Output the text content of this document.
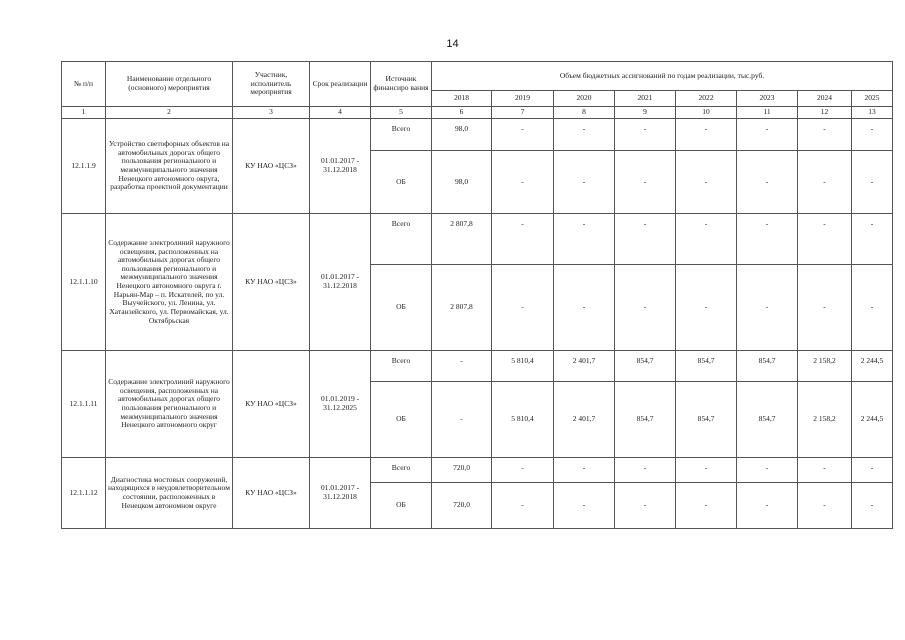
14
№ п/п	Наименование отдельного (основного) мероприятия	Участник, исполнитель мероприятия	Срок реализации	Источник финансиро вания	Объем бюджетных ассигнований по годам реализации, тыс.руб.							
					2018	2019	2020	2021	2022	2023	2024	2025
1	2	3	4	5	6	7	8	9	10	11	12	13
12.1.1.9	Устройство светофорных объектов на автомобильных дорогах общего пользования регионального и межмуниципального значения Ненецкого автономного округа, разработка проектной документации	КУ НАО «ЦСЗ»	01.01.2017 - 31.12.2018	Всего	98,0	-	-	-	-	-	-	-
				ОБ	98,0	-	-	-	-	-	-	-
12.1.1.10	Содержание электролиний наружного освещения, расположенных на автомобильных дорогах общего пользования регионального и межмуниципального значения Ненецкого автономного округа г. Нарьян-Мар – п. Искателей, по ул. Выучейского, ул. Ленина, ул. Хатанзейского, ул. Первомайская, ул. Октябрьская	КУ НАО «ЦСЗ»	01.01.2017 - 31.12.2018	Всего	2 807,8	-	-	-	-	-	-	-
				ОБ	2 807,8	-	-	-	-	-	-	-
12.1.1.11	Содержание электролиний наружного освещения, расположенных на автомобильных дорогах общего пользования регионального и межмуниципального значения Ненецкого автономного округ	КУ НАО «ЦСЗ»	01.01.2019 - 31.12.2025	Всего	-	5 810,4	2 401,7	854,7	854,7	854,7	2 158,2	2 244,5
				ОБ	-	5 810,4	2 401,7	854,7	854,7	854,7	2 158,2	2 244,5
12.1.1.12	Диагностика мостовых сооружений, находящихся в неудовлетворительном состоянии, расположенных в Ненецком автономном округе	КУ НАО «ЦСЗ»	01.01.2017 - 31.12.2018	Всего	720,0	-	-	-	-	-	-	-
				ОБ	720,0	-	-	-	-	-	-	-
